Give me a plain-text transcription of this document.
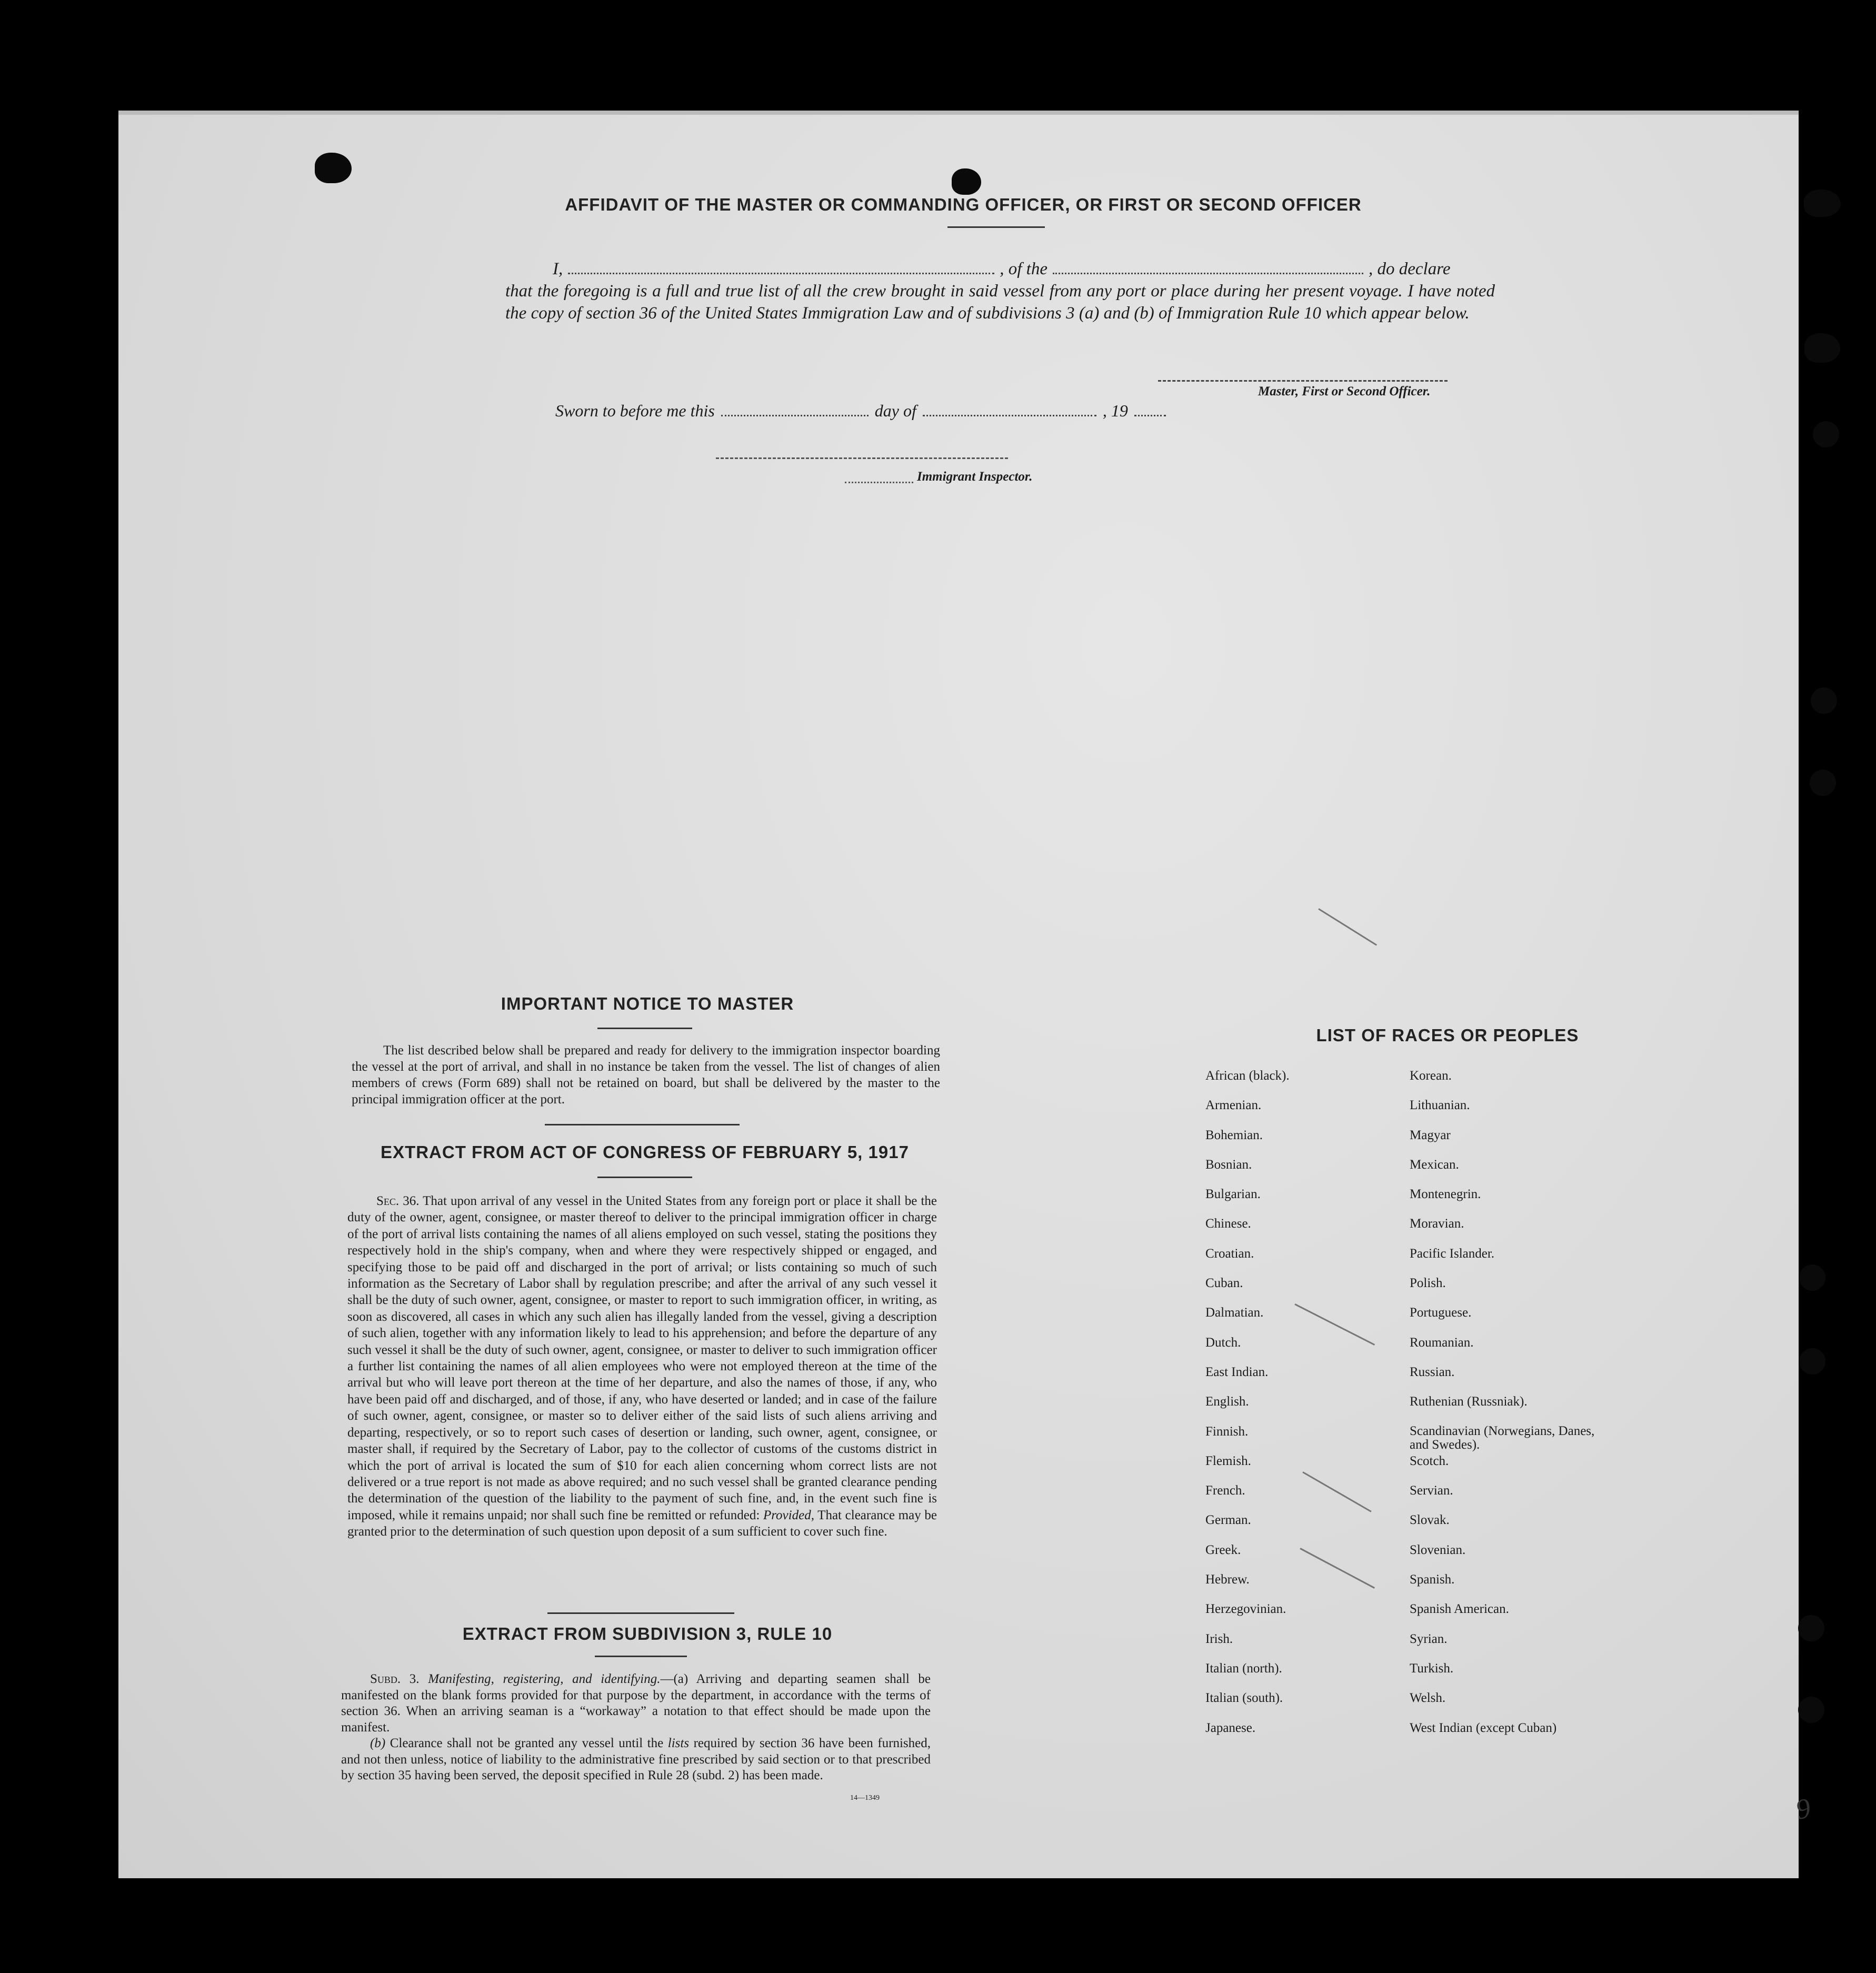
AFFIDAVIT OF THE MASTER OR COMMANDING OFFICER, OR FIRST OR SECOND OFFICER
I,	, of the	, do declare
that the foregoing is a full and true list of all the crew brought in said vessel from any port or place during her present voyage. I have noted the copy of section 36 of the United States Immigration Law and of subdivisions 3 (a) and (b) of Immigration Rule 10 which appear below.
Master, First or Second Officer.
Sworn to before me this	day of	, 19
Immigrant Inspector.
IMPORTANT NOTICE TO MASTER
The list described below shall be prepared and ready for delivery to the immigration inspector boarding the vessel at the port of arrival, and shall in no instance be taken from the vessel. The list of changes of alien members of crews (Form 689) shall not be retained on board, but shall be delivered by the master to the principal immigration officer at the port.
EXTRACT FROM ACT OF CONGRESS OF FEBRUARY 5, 1917
Sec. 36. That upon arrival of any vessel in the United States from any foreign port or place it shall be the duty of the owner, agent, consignee, or master thereof to deliver to the principal immigration officer in charge of the port of arrival lists containing the names of all aliens employed on such vessel, stating the positions they respectively hold in the ship's company, when and where they were respectively shipped or engaged, and specifying those to be paid off and discharged in the port of arrival; or lists containing so much of such information as the Secretary of Labor shall by regulation prescribe; and after the arrival of any such vessel it shall be the duty of such owner, agent, consignee, or master to report to such immigration officer, in writing, as soon as discovered, all cases in which any such alien has illegally landed from the vessel, giving a description of such alien, together with any information likely to lead to his apprehension; and before the departure of any such vessel it shall be the duty of such owner, agent, consignee, or master to deliver to such immigration officer a further list containing the names of all alien employees who were not employed thereon at the time of the arrival but who will leave port thereon at the time of her departure, and also the names of those, if any, who have been paid off and discharged, and of those, if any, who have deserted or landed; and in case of the failure of such owner, agent, consignee, or master so to deliver either of the said lists of such aliens arriving and departing, respectively, or so to report such cases of desertion or landing, such owner, agent, consignee, or master shall, if required by the Secretary of Labor, pay to the collector of customs of the customs district in which the port of arrival is located the sum of $10 for each alien concerning whom correct lists are not delivered or a true report is not made as above required; and no such vessel shall be granted clearance pending the determination of the question of the liability to the payment of such fine, and, in the event such fine is imposed, while it remains unpaid; nor shall such fine be remitted or refunded: Provided, That clearance may be granted prior to the determination of such question upon deposit of a sum sufficient to cover such fine.
EXTRACT FROM SUBDIVISION 3, RULE 10

Subd. 3. Manifesting, registering, and identifying.—(a) Arriving and departing seamen shall be manifested on the blank forms provided for that purpose by the department, in accordance with the terms of section 36. When an arriving seaman is a “workaway” a notation to that effect should be made upon the manifest.

(b) Clearance shall not be granted any vessel until the lists required by section 36 have been furnished, and not then unless, notice of liability to the administrative fine prescribed by said section or to that prescribed by section 35 having been served, the deposit specified in Rule 28 (subd. 2) has been made.

14—1349
LIST OF RACES OR PEOPLES
African (black).
Armenian.
Bohemian.
Bosnian.
Bulgarian.
Chinese.
Croatian.
Cuban.
Dalmatian.
Dutch.
East Indian.
English.
Finnish.
Flemish.
French.
German.
Greek.
Hebrew.
Herzegovinian.
Irish.
Italian (north).
Italian (south).
Japanese.
Korean.
Lithuanian.
Magyar
Mexican.
Montenegrin.
Moravian.
Pacific Islander.
Polish.
Portuguese.
Roumanian.
Russian.
Ruthenian (Russniak).
Scandinavian (Norwegians, Danes, and Swedes).
Scotch.
Servian.
Slovak.
Slovenian.
Spanish.
Spanish American.
Syrian.
Turkish.
Welsh.
West Indian (except Cuban)
9
